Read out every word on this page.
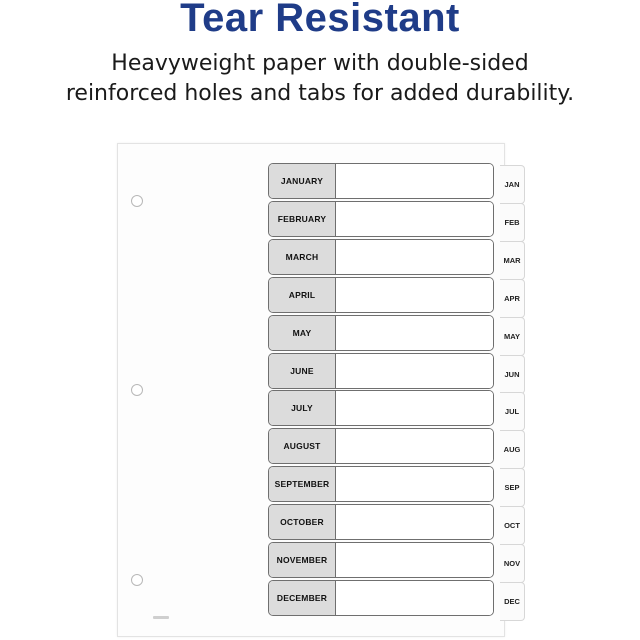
Tear Resistant
Heavyweight paper with double-sided
reinforced holes and tabs for added durability.
JANUARY
FEBRUARY
MARCH
APRIL
MAY
JUNE
JULY
AUGUST
SEPTEMBER
OCTOBER
NOVEMBER
DECEMBER
JAN
FEB
MAR
APR
MAY
JUN
JUL
AUG
SEP
OCT
NOV
DEC
